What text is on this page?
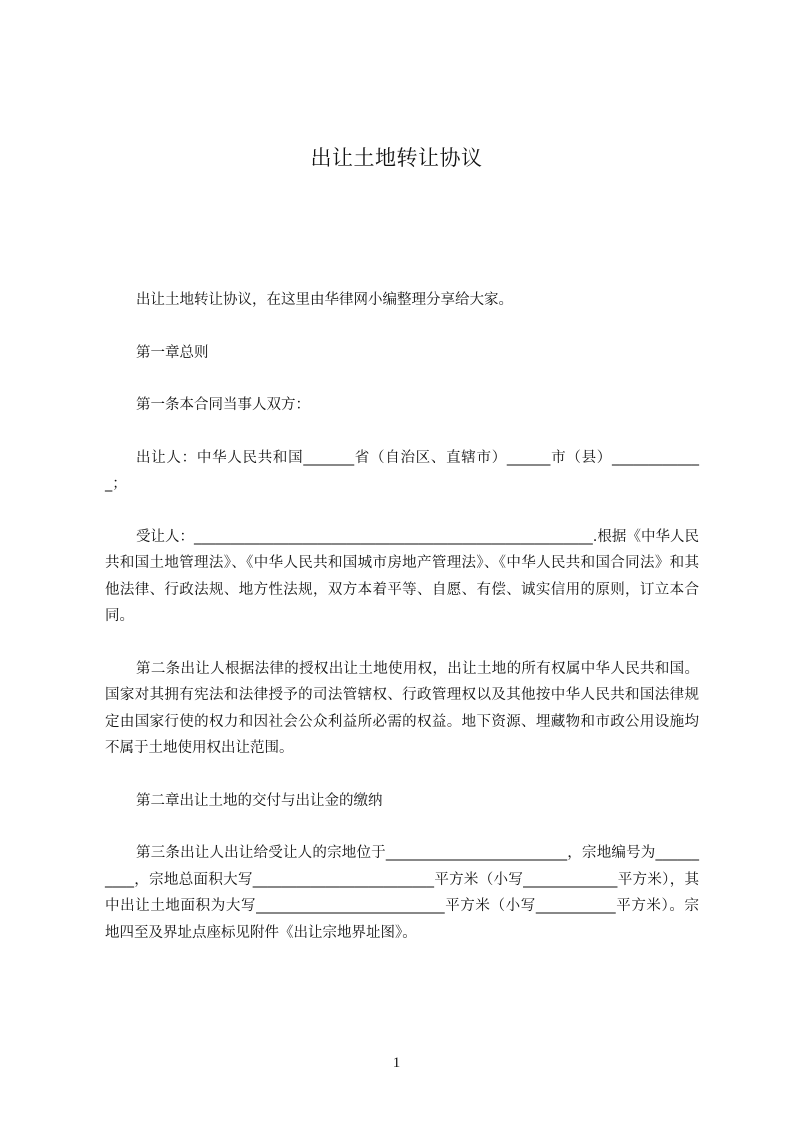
出让土地转让协议

出让土地转让协议，在这里由华律网小编整理分享给大家。

第一章总则

第一条本合同当事人双方：

出让人：中华人民共和国_______省（自治区、直辖市）______市（县）_____________；

受让人：_______________________________________________________.根据《中华人民共和国土地管理法》、《中华人民共和国城市房地产管理法》、《中华人民共和国合同法》和其他法律、行政法规、地方性法规，双方本着平等、自愿、有偿、诚实信用的原则，订立本合同。

第二条出让人根据法律的授权出让土地使用权，出让土地的所有权属中华人民共和国。国家对其拥有宪法和法律授予的司法管辖权、行政管理权以及其他按中华人民共和国法律规定由国家行使的权力和因社会公众利益所必需的权益。地下资源、埋藏物和市政公用设施均不属于土地使用权出让范围。

第二章出让土地的交付与出让金的缴纳

第三条出让人出让给受让人的宗地位于_________________________，宗地编号为__________，宗地总面积大写_________________________平方米（小写_____________平方米），其中出让土地面积为大写__________________________平方米（小写___________平方米）。宗地四至及界址点座标见附件《出让宗地界址图》。

1
